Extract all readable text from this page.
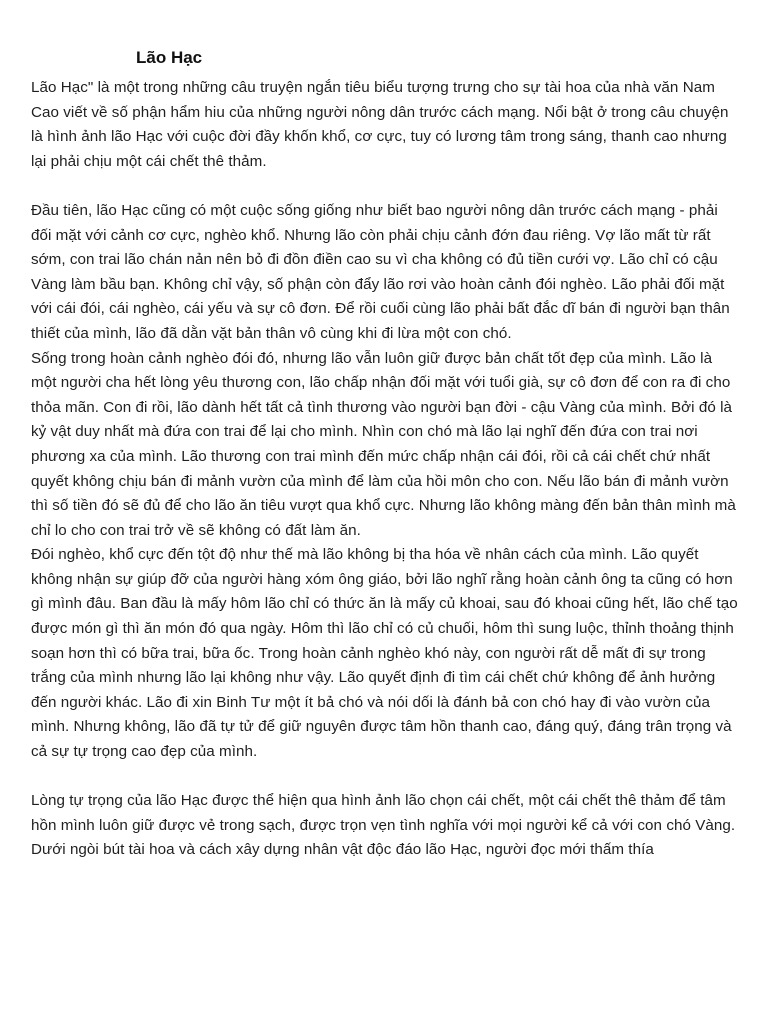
Lão Hạc

Lão Hạc" là một trong những câu truyện ngắn tiêu biểu tượng trưng cho sự tài hoa của nhà văn Nam Cao viết về số phận hẩm hiu của những người nông dân trước cách mạng. Nổi bật ở trong câu chuyện là hình ảnh lão Hạc với cuộc đời đầy khốn khổ, cơ cực, tuy có lương tâm trong sáng, thanh cao nhưng lại phải chịu một cái chết thê thảm.

Đầu tiên, lão Hạc cũng có một cuộc sống giống như biết bao người nông dân trước cách mạng - phải đối mặt với cảnh cơ cực, nghèo khổ. Nhưng lão còn phải chịu cảnh đớn đau riêng. Vợ lão mất từ rất sớm, con trai lão chán nản nên bỏ đi đồn điền cao su vì cha không có đủ tiền cưới vợ. Lão chỉ có cậu Vàng làm bầu bạn. Không chỉ vậy, số phận còn đẩy lão rơi vào hoàn cảnh đói nghèo. Lão phải đối mặt với cái đói, cái nghèo, cái yếu và sự cô đơn. Để rồi cuối cùng lão phải bất đắc dĩ bán đi người bạn thân thiết của mình, lão đã dằn vặt bản thân vô cùng khi đi lừa một con chó.

Sống trong hoàn cảnh nghèo đói đó, nhưng lão vẫn luôn giữ được bản chất tốt đẹp của mình. Lão là một người cha hết lòng yêu thương con, lão chấp nhận đối mặt với tuổi già, sự cô đơn để con ra đi cho thỏa mãn. Con đi rồi, lão dành hết tất cả tình thương vào người bạn đời - cậu Vàng của mình. Bởi đó là kỷ vật duy nhất mà đứa con trai để lại cho mình. Nhìn con chó mà lão lại nghĩ đến đứa con trai nơi phương xa của mình. Lão thương con trai mình đến mức chấp nhận cái đói, rồi cả cái chết chứ nhất quyết không chịu bán đi mảnh vườn của mình để làm của hồi môn cho con. Nếu lão bán đi mảnh vườn thì số tiền đó sẽ đủ để cho lão ăn tiêu vượt qua khổ cực. Nhưng lão không màng đến bản thân mình mà chỉ lo cho con trai trở về sẽ không có đất làm ăn.

Đói nghèo, khổ cực đến tột độ như thế mà lão không bị tha hóa về nhân cách của mình. Lão quyết không nhận sự giúp đỡ của người hàng xóm ông giáo, bởi lão nghĩ rằng hoàn cảnh ông ta cũng có hơn gì mình đâu. Ban đầu là mấy hôm lão chỉ có thức ăn là mấy củ khoai, sau đó khoai cũng hết, lão chế tạo được món gì thì ăn món đó qua ngày. Hôm thì lão chỉ có củ chuối, hôm thì sung luộc, thỉnh thoảng thịnh soạn hơn thì có bữa trai, bữa ốc. Trong hoàn cảnh nghèo khó này, con người rất dễ mất đi sự trong trắng của mình nhưng lão lại không như vậy. Lão quyết định đi tìm cái chết chứ không để ảnh hưởng đến người khác. Lão đi xin Binh Tư một ít bả chó và nói dối là đánh bả con chó hay đi vào vườn của mình. Nhưng không, lão đã tự tử để giữ nguyên được tâm hồn thanh cao, đáng quý, đáng trân trọng và cả sự tự trọng cao đẹp của mình.

Lòng tự trọng của lão Hạc được thể hiện qua hình ảnh lão chọn cái chết, một cái chết thê thảm để tâm hồn mình luôn giữ được vẻ trong sạch, được trọn vẹn tình nghĩa với mọi người kể cả với con chó Vàng.

Dưới ngòi bút tài hoa và cách xây dựng nhân vật độc đáo lão Hạc, người đọc mới thấm thía
